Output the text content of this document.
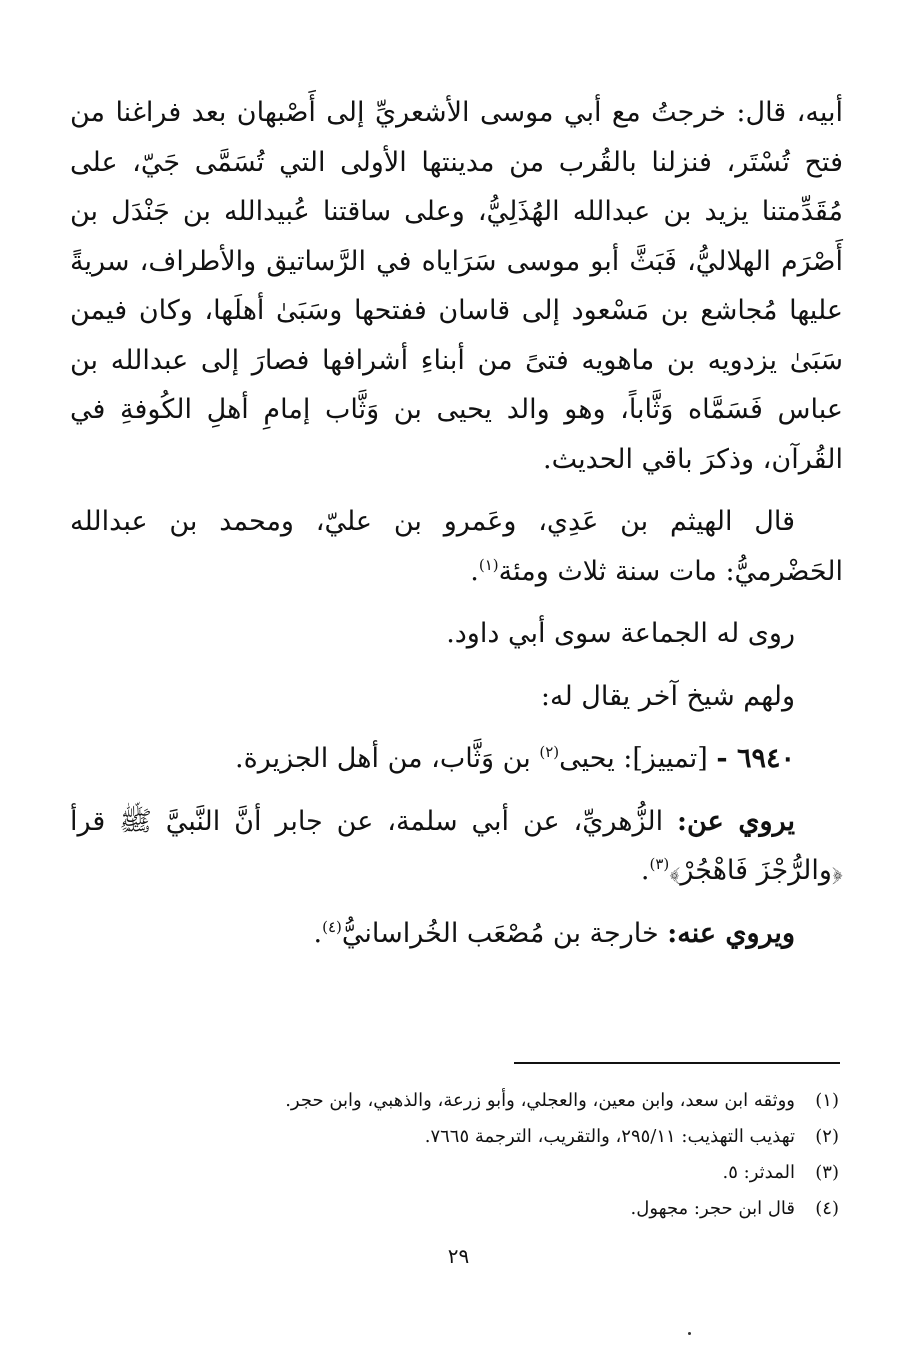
أبيه، قال: خرجتُ مع أبي موسى الأشعريِّ إلى أَصْبهان بعد فراغنا من فتح تُسْتَر، فنزلنا بالقُرب من مدينتها الأولى التي تُسَمَّى جَيّ، على مُقَدِّمتنا يزيد بن عبدالله الهُذَلِيُّ، وعلى ساقتنا عُبيدالله بن جَنْدَل بن أَصْرَم الهلاليُّ، فَبَثَّ أبو موسى سَرَاياه في الرَّساتيق والأطراف، سريةً عليها مُجاشع بن مَسْعود إلى قاسان ففتحها وسَبَىٰ أهلَها، وكان فيمن سَبَىٰ يزدويه بن ماهويه فتىً من أبناءِ أشرافها فصارَ إلى عبدالله بن عباس فَسَمَّاه وَثَّاباً، وهو والد يحيى بن وَثَّاب إمامِ أهلِ الكُوفةِ في القُرآن، وذكرَ باقي الحديث.

قال الهيثم بن عَدِي، وعَمرو بن عليّ، ومحمد بن عبدالله الحَضْرميُّ: مات سنة ثلاث ومئة$^{(١)}$.

روى له الجماعة سوى أبي داود.

ولهم شيخ آخر يقال له:

٦٩٤٠ - [تمييز]: يحيى$^{(٢)}$ بن وَثَّاب، من أهل الجزيرة.

يروي عن: الزُّهريِّ، عن أبي سلمة، عن جابر أنَّ النَّبيَّ ﷺ قرأ ﴿والرُّجْزَ فَاهْجُرْ﴾$^{(٣)}$.

ويروي عنه: خارجة بن مُصْعَب الخُراسانيُّ$^{(٤)}$.

(١)
ووثقه ابن سعد، وابن معين، والعجلي، وأبو زرعة، والذهبي، وابن حجر.
(٢)
تهذيب التهذيب: ٢٩٥/١١، والتقريب، الترجمة ٧٦٦٥.
(٣)
المدثر: ٥.
(٤)
قال ابن حجر: مجهول.
٢٩
